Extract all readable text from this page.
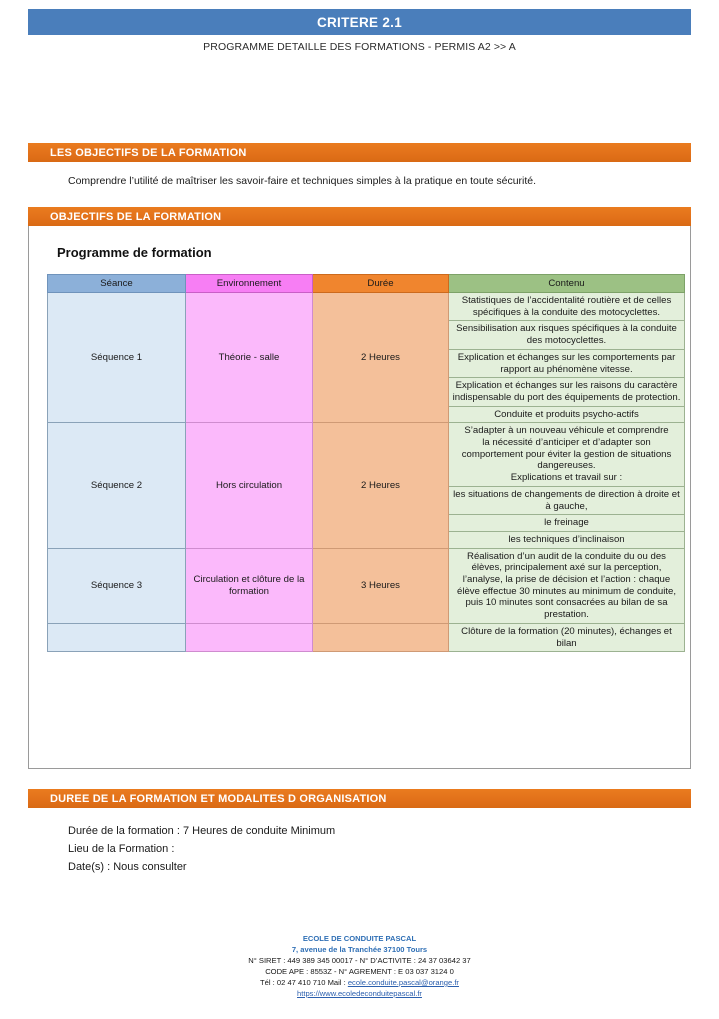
CRITERE 2.1
PROGRAMME DETAILLE DES FORMATIONS - PERMIS A2 >> A
LES OBJECTIFS DE LA FORMATION
Comprendre l’utilité de maîtriser les savoir-faire et techniques simples à la pratique en toute sécurité.
OBJECTIFS DE LA FORMATION
Programme de formation
Séance	Environnement	Durée	Contenu
Séquence 1	Théorie - salle	2 Heures	Statistiques de l’accidentalité routière et de celles spécifiques à la conduite des motocyclettes.
			Sensibilisation aux risques spécifiques à la conduite des motocyclettes.
			Explication et échanges sur les comportements par rapport au phénomène vitesse.
			Explication et échanges sur les raisons du caractère indispensable du port des équipements de protection.
			Conduite et produits psycho-actifs
Séquence 2	Hors circulation	2 Heures	S’adapter à un nouveau véhicule et comprendre
la nécessité d’anticiper et d’adapter son comportement pour éviter la gestion de situations dangereuses.
Explications et travail sur :
			les situations de changements de direction à droite et à gauche,
			le freinage
			les techniques d’inclinaison
Séquence 3	Circulation et clôture de la formation	3 Heures	Réalisation d’un audit de la conduite du ou des élèves, principalement axé sur la perception, l’analyse, la prise de décision et l’action : chaque élève effectue 30 minutes au minimum de conduite, puis 10 minutes sont consacrées au bilan de sa prestation.
			Clôture de la formation (20 minutes), échanges et bilan
DUREE DE LA FORMATION ET MODALITES D ORGANISATION
Durée de la formation : 7 Heures de conduite Minimum
Lieu de la Formation :
Date(s) : Nous consulter
ECOLE DE CONDUITE PASCAL
7, avenue de la Tranchée 37100 Tours
N° SIRET : 449 389 345 00017 - N° D’ACTIVITE : 24 37 03642 37
CODE APE : 8553Z - N° AGREMENT : E 03 037 3124 0
Tél : 02 47 410 710 Mail : ecole.conduite.pascal@orange.fr
https://www.ecoledeconduitepascal.fr
